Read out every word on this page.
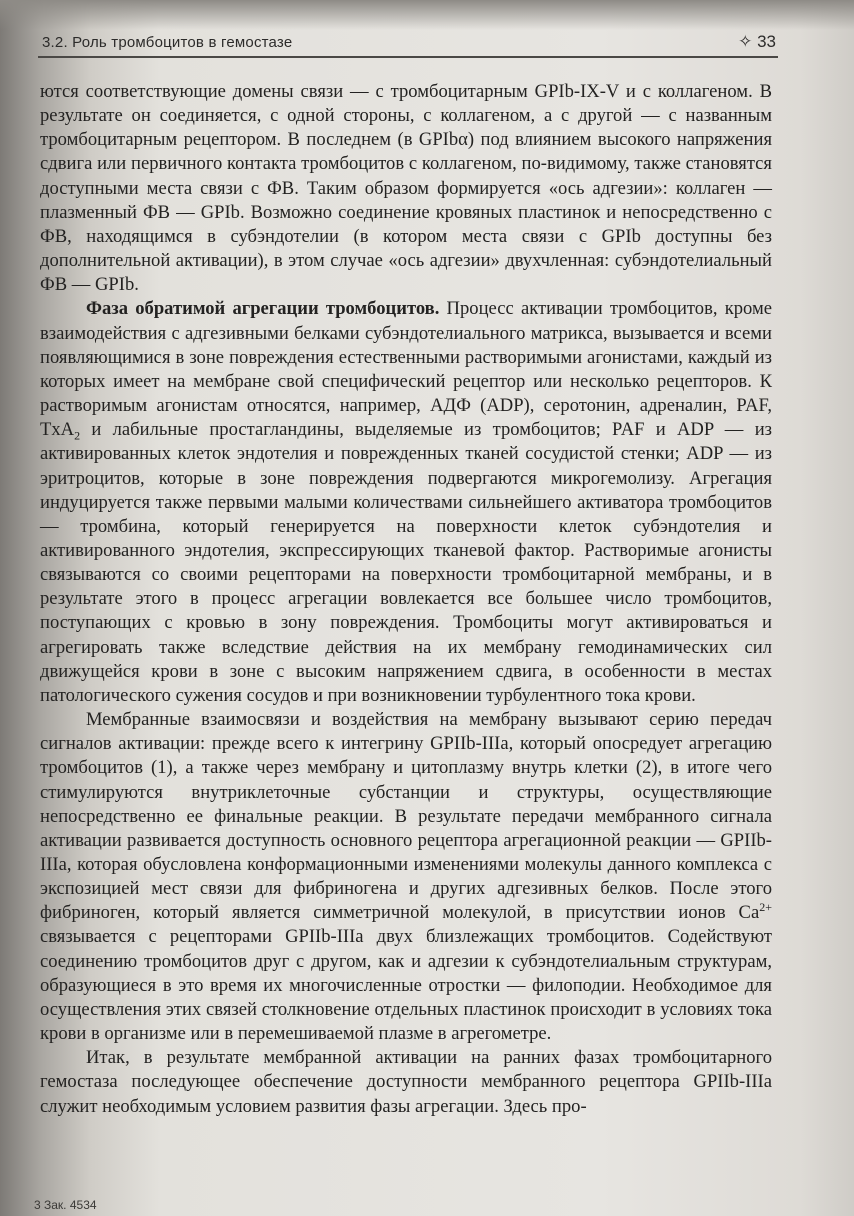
3.2. Роль тромбоцитов в гемостазе	✧ 33

ются соответствующие домены связи — с тромбоцитарным GPIb-IX-V и с коллагеном. В результате он соединяется, с одной стороны, с коллагеном, а с другой — с названным тромбоцитарным рецептором. В последнем (в GPIbα) под влиянием высокого напряжения сдвига или первичного контакта тромбоцитов с коллагеном, по-видимому, также становятся доступными места связи с ФВ. Таким образом формируется «ось адгезии»: коллаген — плазменный ФВ — GPIb. Возможно соединение кровяных пластинок и непосредственно с ФВ, находящимся в субэндотелии (в котором места связи с GPIb доступны без дополнительной активации), в этом случае «ось адгезии» двухчленная: субэндотелиальный ФВ — GPIb.

Фаза обратимой агрегации тромбоцитов. Процесс активации тромбоцитов, кроме взаимодействия с адгезивными белками субэндотелиального матрикса, вызывается и всеми появляющимися в зоне повреждения естественными растворимыми агонистами, каждый из которых имеет на мембране свой специфический рецептор или несколько рецепторов. К растворимым агонистам относятся, например, АДФ (ADP), серотонин, адреналин, PAF, TxA$_2$ и лабильные простагландины, выделяемые из тромбоцитов; PAF и ADP — из активированных клеток эндотелия и поврежденных тканей сосудистой стенки; ADP — из эритроцитов, которые в зоне повреждения подвергаются микрогемолизу. Агрегация индуцируется также первыми малыми количествами сильнейшего активатора тромбоцитов — тромбина, который генерируется на поверхности клеток субэндотелия и активированного эндотелия, экспрессирующих тканевой фактор. Растворимые агонисты связываются со своими рецепторами на поверхности тромбоцитарной мембраны, и в результате этого в процесс агрегации вовлекается все большее число тромбоцитов, поступающих с кровью в зону повреждения. Тромбоциты могут активироваться и агрегировать также вследствие действия на их мембрану гемодинамических сил движущейся крови в зоне с высоким напряжением сдвига, в особенности в местах патологического сужения сосудов и при возникновении турбулентного тока крови.

Мембранные взаимосвязи и воздействия на мембрану вызывают серию передач сигналов активации: прежде всего к интегрину GPIIb-IIIa, который опосредует агрегацию тромбоцитов (1), а также через мембрану и цитоплазму внутрь клетки (2), в итоге чего стимулируются внутриклеточные субстанции и структуры, осуществляющие непосредственно ее финальные реакции. В результате передачи мембранного сигнала активации развивается доступность основного рецептора агрегационной реакции — GPIIb-IIIa, которая обусловлена конформационными изменениями молекулы данного комплекса с экспозицией мест связи для фибриногена и других адгезивных белков. После этого фибриноген, который является симметричной молекулой, в присутствии ионов $Ca^{2+}$ связывается с рецепторами GPIIb-IIIa двух близлежащих тромбоцитов. Содействуют соединению тромбоцитов друг с другом, как и адгезии к субэндотелиальным структурам, образующиеся в это время их многочисленные отростки — филоподии. Необходимое для осуществления этих связей столкновение отдельных пластинок происходит в условиях тока крови в организме или в перемешиваемой плазме в агрегометре.

Итак, в результате мембранной активации на ранних фазах тромбоцитарного гемостаза последующее обеспечение доступности мембранного рецептора GPIIb-IIIa служит необходимым условием развития фазы агрегации. Здесь про-

3 Зак. 4534
